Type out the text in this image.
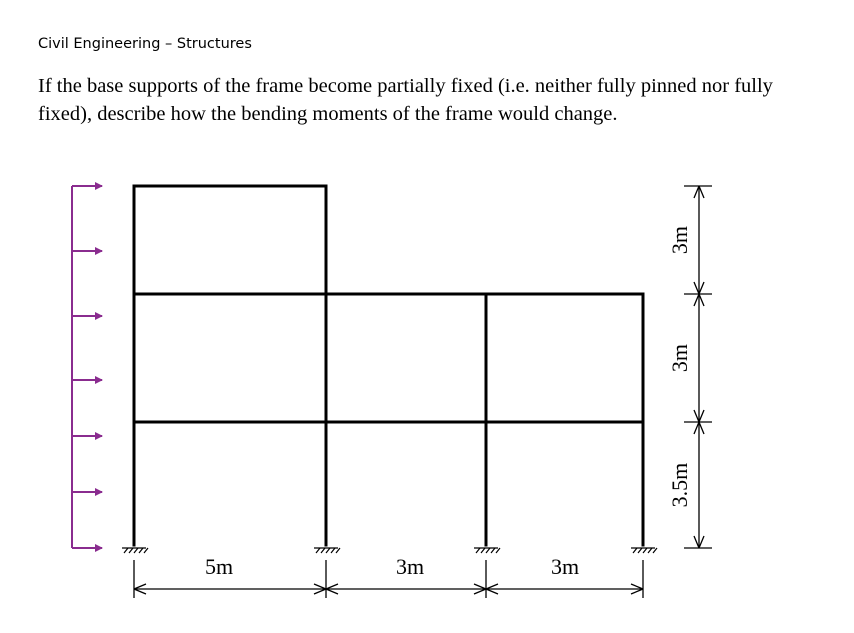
Civil Engineering – Structures
If the base supports of the frame become partially fixed (i.e. neither fully pinned nor fully fixed), describe how the bending moments of the frame would change.
5m	3m	3m
3m
3m
3.5m
